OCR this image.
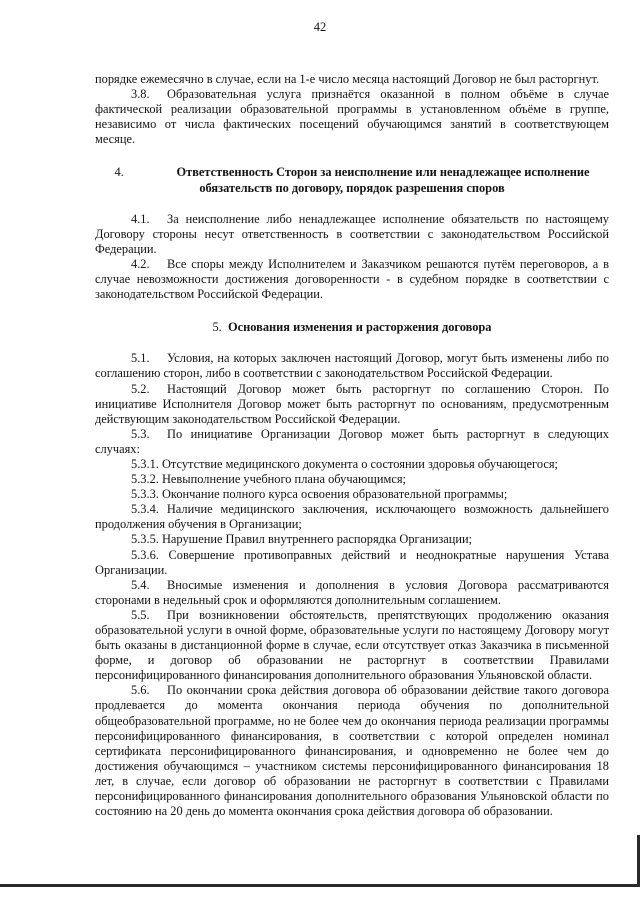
42

порядке ежемесячно в случае, если на 1-е число месяца настоящий Договор не был расторгнут.

3.8. Образовательная услуга признаётся оказанной в полном объёме в случае фактической реализации образовательной программы в установленном объёме в группе, независимо от числа фактических посещений обучающимся занятий в соответствующем месяце.

4.	Ответственность Сторон за неисполнение или ненадлежащее исполнение обязательств по договору, порядок разрешения споров

4.1. За неисполнение либо ненадлежащее исполнение обязательств по настоящему Договору стороны несут ответственность в соответствии с законодательством Российской Федерации.

4.2. Все споры между Исполнителем и Заказчиком решаются путём переговоров, а в случае невозможности достижения договоренности - в судебном порядке в соответствии с законодательством Российской Федерации.

5. Основания изменения и расторжения договора

5.1. Условия, на которых заключен настоящий Договор, могут быть изменены либо по соглашению сторон, либо в соответствии с законодательством Российской Федерации.

5.2. Настоящий Договор может быть расторгнут по соглашению Сторон. По инициативе Исполнителя Договор может быть расторгнут по основаниям, предусмотренным действующим законодательством Российской Федерации.

5.3. По инициативе Организации Договор может быть расторгнут в следующих случаях:

5.3.1. Отсутствие медицинского документа о состоянии здоровья обучающегося;

5.3.2. Невыполнение учебного плана обучающимся;

5.3.3. Окончание полного курса освоения образовательной программы;

5.3.4. Наличие медицинского заключения, исключающего возможность дальнейшего продолжения обучения в Организации;

5.3.5. Нарушение Правил внутреннего распорядка Организации;

5.3.6. Совершение противоправных действий и неоднократные нарушения Устава Организации.

5.4. Вносимые изменения и дополнения в условия Договора рассматриваются сторонами в недельный срок и оформляются дополнительным соглашением.

5.5. При возникновении обстоятельств, препятствующих продолжению оказания образовательной услуги в очной форме, образовательные услуги по настоящему Договору могут быть оказаны в дистанционной форме в случае, если отсутствует отказ Заказчика в письменной форме, и договор об образовании не расторгнут в соответствии Правилами персонифицированного финансирования дополнительного образования Ульяновской области.

5.6. По окончании срока действия договора об образовании действие такого договора продлевается до момента окончания периода обучения по дополнительной общеобразовательной программе, но не более чем до окончания периода реализации программы персонифицированного финансирования, в соответствии с которой определен номинал сертификата персонифицированного финансирования, и одновременно не более чем до достижения обучающимся – участником системы персонифицированного финансирования 18 лет, в случае, если договор об образовании не расторгнут в соответствии с Правилами персонифицированного финансирования дополнительного образования Ульяновской области по состоянию на 20 день до момента окончания срока действия договора об образовании.
